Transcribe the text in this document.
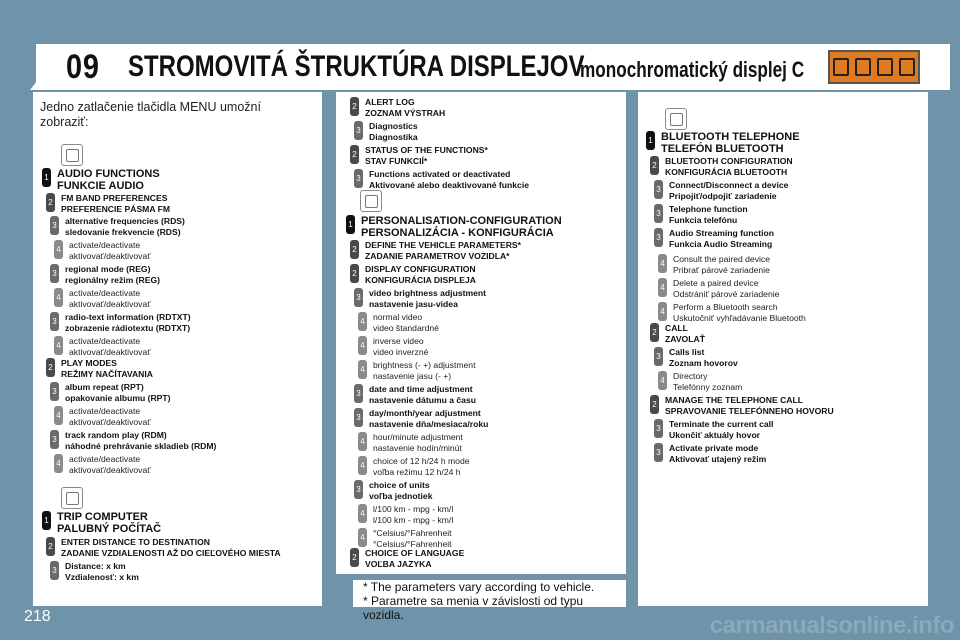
09 STROMOVITÁ ŠTRUKTÚRA DISPLEJOV
monochromatický displej C
Jedno zatlačenie tlačidla MENU umožní zobraziť:
1 AUDIO FUNCTIONS
FUNKCIE AUDIO
2 FM BAND PREFERENCES
PREFERENCIE PÁSMA FM
3 alternative frequencies (RDS)
sledovanie frekvencie (RDS)
4 activate/deactivate
aktivovať/deaktivovať
3 regional mode (REG)
regionálny režim (REG)
4 activate/deactivate
aktivovať/deaktivovať
3 radio-text information (RDTXT)
zobrazenie rádiotextu (RDTXT)
4 activate/deactivate
aktivovať/deaktivovať
2 PLAY MODES
REŽIMY NAČÍTAVANIA
3 album repeat (RPT)
opakovanie albumu (RPT)
4 activate/deactivate
aktivovať/deaktivovať
3 track random play (RDM)
náhodné prehrávanie skladieb (RDM)
4 activate/deactivate
aktivovať/deaktivovať
1 TRIP COMPUTER
PALUBNÝ POČÍTAČ
2 ENTER DISTANCE TO DESTINATION
ZADANIE VZDIALENOSTI AŽ DO CIEĽOVÉHO MIESTA
3 Distance: x km
Vzdialenosť: x km
2 ALERT LOG
ZOZNAM VÝSTRAH
3 Diagnostics
Diagnostika
2 STATUS OF THE FUNCTIONS*
STAV FUNKCIÍ*
3 Functions activated or deactivated
Aktivované alebo deaktivované funkcie
1 PERSONALISATION-CONFIGURATION
PERSONALIZÁCIA - KONFIGURÁCIA
2 DEFINE THE VEHICLE PARAMETERS*
ZADANIE PARAMETROV VOZIDLA*
2 DISPLAY CONFIGURATION
KONFIGURÁCIA DISPLEJA
3 video brightness adjustment
nastavenie jasu-videa
4 normal video
video štandardné
4 inverse video
video inverzné
4 brightness (- +) adjustment
nastavenie jasu (- +)
3 date and time adjustment
nastavenie dátumu a času
3 day/month/year adjustment
nastavenie dňa/mesiaca/roku
4 hour/minute adjustment
nastavenie hodín/minút
4 choice of 12 h/24 h mode
voľba režimu 12 h/24 h
3 choice of units
voľba jednotiek
4 l/100 km - mpg - km/l
l/100 km - mpg - km/l
4 °Celsius/°Fahrenheit
°Celsius/°Fahrenheit
2 CHOICE OF LANGUAGE
VOĽBA JAZYKA
1 BLUETOOTH TELEPHONE
TELEFÓN BLUETOOTH
2 BLUETOOTH CONFIGURATION
KONFIGURÁCIA BLUETOOTH
3 Connect/Disconnect a device
Pripojiť/odpojiť zariadenie
3 Telephone function
Funkcia telefónu
3 Audio Streaming function
Funkcia Audio Streaming
4 Consult the paired device
Pribrať párové zariadenie
4 Delete a paired device
Odstrániť párové zariadenie
4 Perform a Bluetooth search
Uskutočniť vyhľadávanie Bluetooth
2 CALL
ZAVOLAŤ
3 Calls list
Zoznam hovorov
4 Directory
Telefónny zoznam
2 MANAGE THE TELEPHONE CALL
SPRAVOVANIE TELEFÓNNEHO HOVORU
3 Terminate the current call
Ukončiť aktuály hovor
3 Activate private mode
Aktivovať utajený režim
* The parameters vary according to vehicle.
* Parametre sa menia v závislosti od typu vozidla.
218	carmanualsonline.info
